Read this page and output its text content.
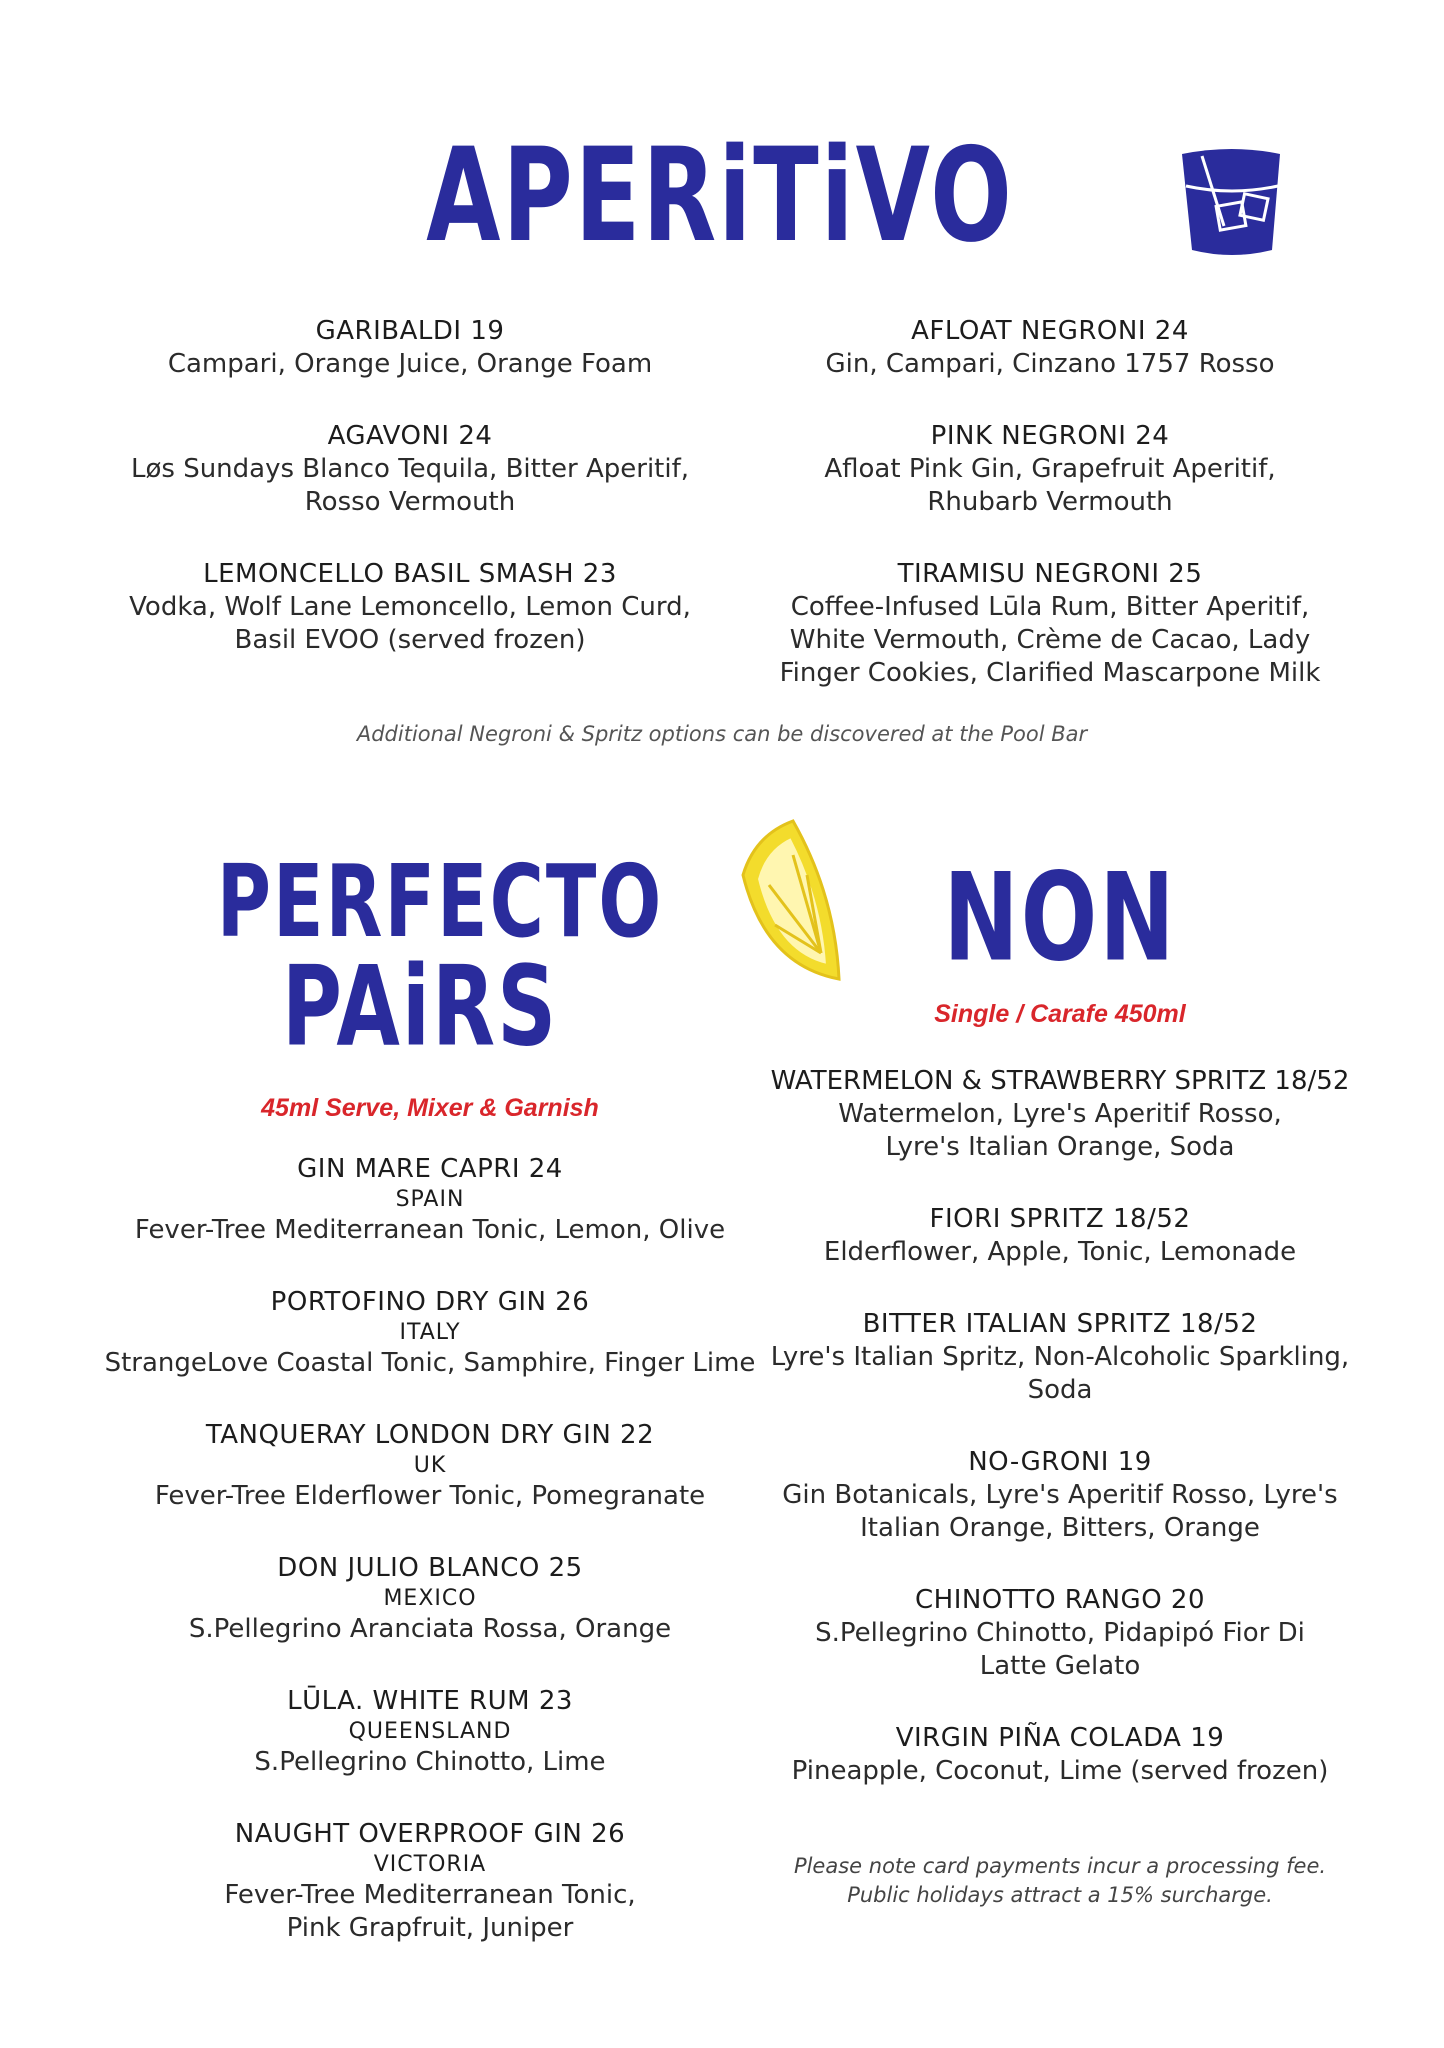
APERiTiVO
GARIBALDI 19
Campari, Orange Juice, Orange Foam
AGAVONI 24
Løs Sundays Blanco Tequila, Bitter Aperitif,
Rosso Vermouth
LEMONCELLO BASIL SMASH 23
Vodka, Wolf Lane Lemoncello, Lemon Curd,
Basil EVOO (served frozen)
AFLOAT NEGRONI 24
Gin, Campari, Cinzano 1757 Rosso
PINK NEGRONI 24
Afloat Pink Gin, Grapefruit Aperitif,
Rhubarb Vermouth
TIRAMISU NEGRONI 25
Coffee-Infused Lūla Rum, Bitter Aperitif,
White Vermouth, Crème de Cacao, Lady
Finger Cookies, Clarified Mascarpone Milk
Additional Negroni & Spritz options can be discovered at the Pool Bar
PERFECTO
PAiRS
NON
Single / Carafe 450ml
45ml Serve, Mixer & Garnish
GIN MARE CAPRI 24
SPAIN
Fever-Tree Mediterranean Tonic, Lemon, Olive
PORTOFINO DRY GIN 26
ITALY
StrangeLove Coastal Tonic, Samphire, Finger Lime
TANQUERAY LONDON DRY GIN 22
UK
Fever-Tree Elderflower Tonic, Pomegranate
DON JULIO BLANCO 25
MEXICO
S.Pellegrino Aranciata Rossa, Orange
LŪLA. WHITE RUM 23
QUEENSLAND
S.Pellegrino Chinotto, Lime
NAUGHT OVERPROOF GIN 26
VICTORIA
Fever-Tree Mediterranean Tonic,
Pink Grapfruit, Juniper
WATERMELON & STRAWBERRY SPRITZ 18/52
Watermelon, Lyre's Aperitif Rosso,
Lyre's Italian Orange, Soda
FIORI SPRITZ 18/52
Elderflower, Apple, Tonic, Lemonade
BITTER ITALIAN SPRITZ 18/52
Lyre's Italian Spritz, Non-Alcoholic Sparkling,
Soda
NO-GRONI 19
Gin Botanicals, Lyre's Aperitif Rosso, Lyre's
Italian Orange, Bitters, Orange
CHINOTTO RANGO 20
S.Pellegrino Chinotto, Pidapipó Fior Di
Latte Gelato
VIRGIN PIÑA COLADA 19
Pineapple, Coconut, Lime (served frozen)
Please note card payments incur a processing fee.
Public holidays attract a 15% surcharge.
